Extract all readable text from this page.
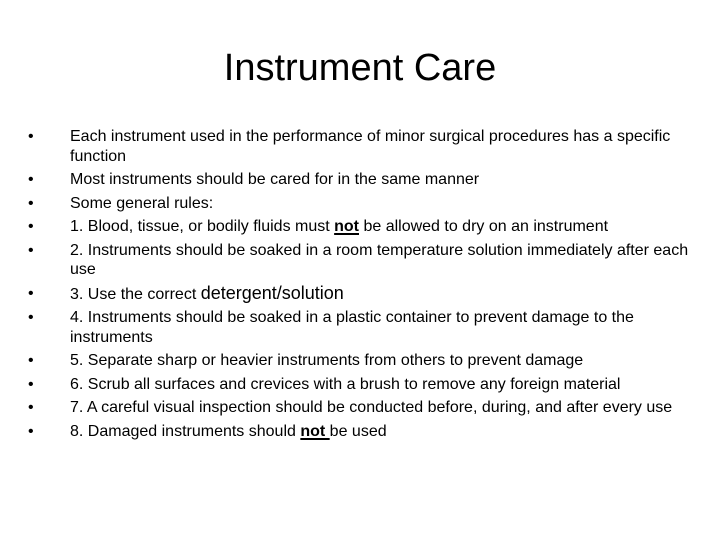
Instrument Care
•	Each instrument used in the performance of minor surgical procedures has a specific function
•	Most instruments should be cared for in the same manner
•	Some general rules:
•	1. Blood, tissue, or bodily fluids must not be allowed to dry on an instrument
•	2. Instruments should be soaked in a room temperature solution immediately after each use
•	3. Use the correct detergent/solution
•	4. Instruments should be soaked in a plastic container to prevent damage to the instruments
•	5. Separate sharp or heavier instruments from others to prevent damage
•	6. Scrub all surfaces and crevices with a brush to remove any foreign material
•	7. A careful visual inspection should be conducted before, during, and after every use
•	8. Damaged instruments should not be used
